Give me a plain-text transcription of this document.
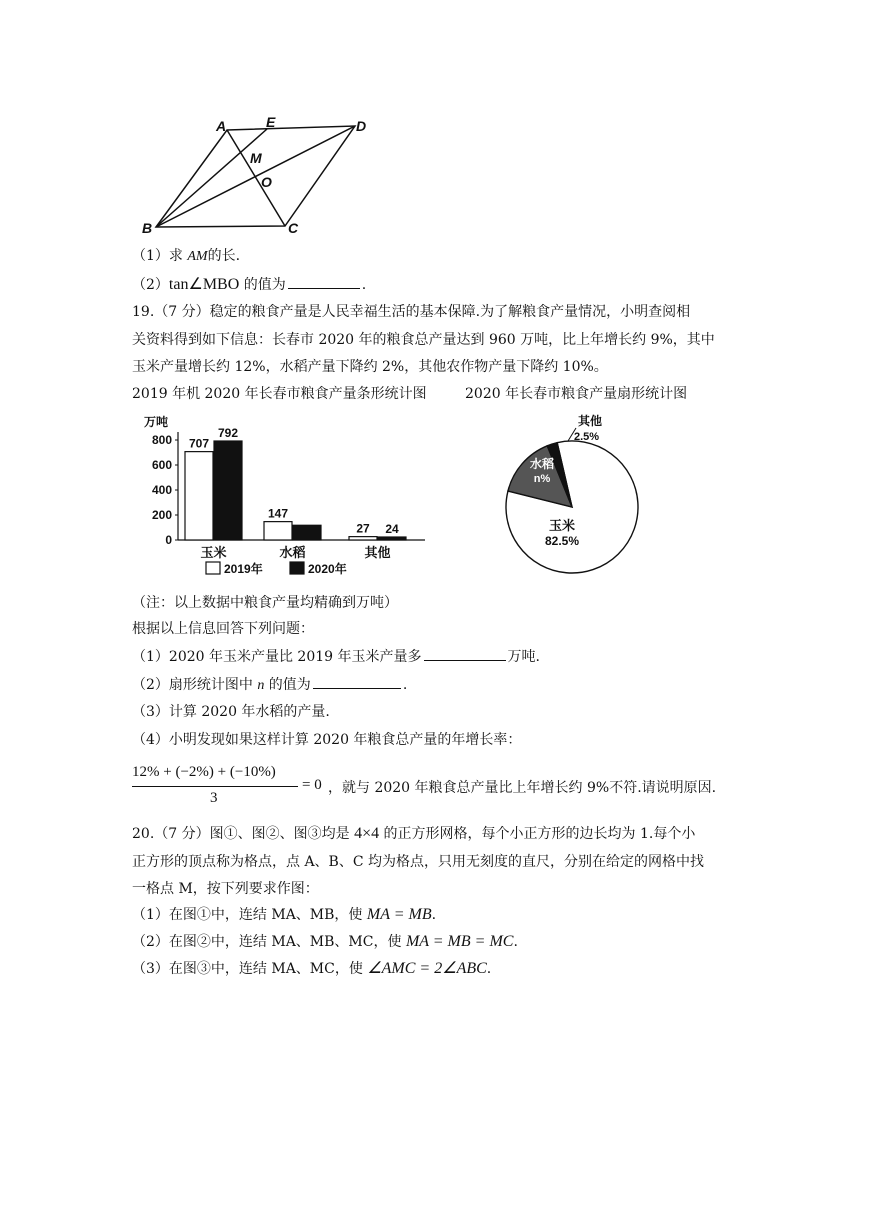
A	E	D
M
O
B	C
（1）求 AM的长.
（2）tan∠MBO 的值为	.
19.（7 分）稳定的粮食产量是人民幸福生活的基本保障.为了解粮食产量情况，小明查阅相
关资料得到如下信息：长春市 2020 年的粮食总产量达到 960 万吨，比上年增长约 9%，其中
玉米产量增长约 12%，水稻产量下降约 2%，其他农作物产量下降约 10%。
2019 年机 2020 年长春市粮食产量条形统计图	2020 年长春市粮食产量扇形统计图
万吨
0
200
400
600
800 707
792
玉米
147
水稻
27 24
其他
2019年	2020年
玉米
82.5%
水稻
n%
其他
2.5%
（注：以上数据中粮食产量均精确到万吨）
根据以上信息回答下列问题：
（1）2020 年玉米产量比 2019 年玉米产量多	万吨.
（2）扇形统计图中 n 的值为	.
（3）计算 2020 年水稻的产量.
（4）小明发现如果这样计算 2020 年粮食总产量的年增长率：
12% + (−2%) + (−10%)
3
= 0 ，就与 2020 年粮食总产量比上年增长约 9%不符.请说明原因.
20.（7 分）图①、图②、图③均是 4×4 的正方形网格，每个小正方形的边长均为 1.每个小
正方形的顶点称为格点，点 A、B、C 均为格点，只用无刻度的直尺，分别在给定的网格中找
一格点 M，按下列要求作图：
（1）在图①中，连结 MA、MB，使 MA = MB.
（2）在图②中，连结 MA、MB、MC，使 MA = MB = MC.
（3）在图③中，连结 MA、MC，使 ∠AMC = 2∠ABC.
